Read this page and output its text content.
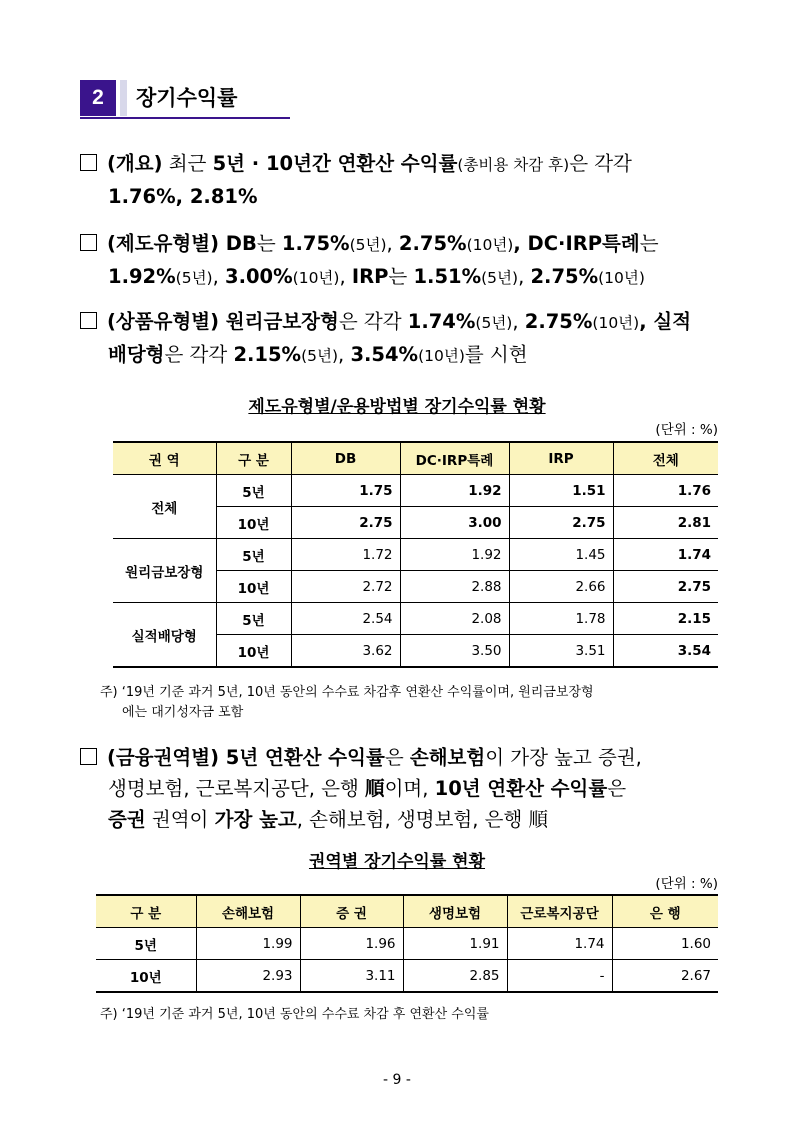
2	장기수익률
(개요) 최근 5년 · 10년간 연환산 수익률(총비용 차감 후)은 각각
1.76%, 2.81%
(제도유형별) DB는 1.75%(5년), 2.75%(10년), DC·IRP특례는
1.92%(5년), 3.00%(10년), IRP는 1.51%(5년), 2.75%(10년)
(상품유형별) 원리금보장형은 각각 1.74%(5년), 2.75%(10년), 실적
배당형은 각각 2.15%(5년), 3.54%(10년)를 시현
제도유형별/운용방법별 장기수익률 현황
(단위 : %)
권 역	구 분	DB	DC·IRP특례	IRP	전체
전체	5년	1.75	1.92	1.51	1.76
	10년	2.75	3.00	2.75	2.81
원리금보장형	5년	1.72	1.92	1.45	1.74
	10년	2.72	2.88	2.66	2.75
실적배당형	5년	2.54	2.08	1.78	2.15
	10년	3.62	3.50	3.51	3.54
주) ‘19년 기준 과거 5년, 10년 동안의 수수료 차감후 연환산 수익률이며, 원리금보장형
에는 대기성자금 포함
(금융권역별) 5년 연환산 수익률은 손해보험이 가장 높고 증권,
생명보험, 근로복지공단, 은행 順이며, 10년 연환산 수익률은
증권 권역이 가장 높고, 손해보험, 생명보험, 은행 順
권역별 장기수익률 현황
(단위 : %)
구 분	손해보험	증 권	생명보험	근로복지공단	은 행
5년	1.99	1.96	1.91	1.74	1.60
10년	2.93	3.11	2.85	-	2.67
주) ‘19년 기준 과거 5년, 10년 동안의 수수료 차감 후 연환산 수익률
- 9 -
